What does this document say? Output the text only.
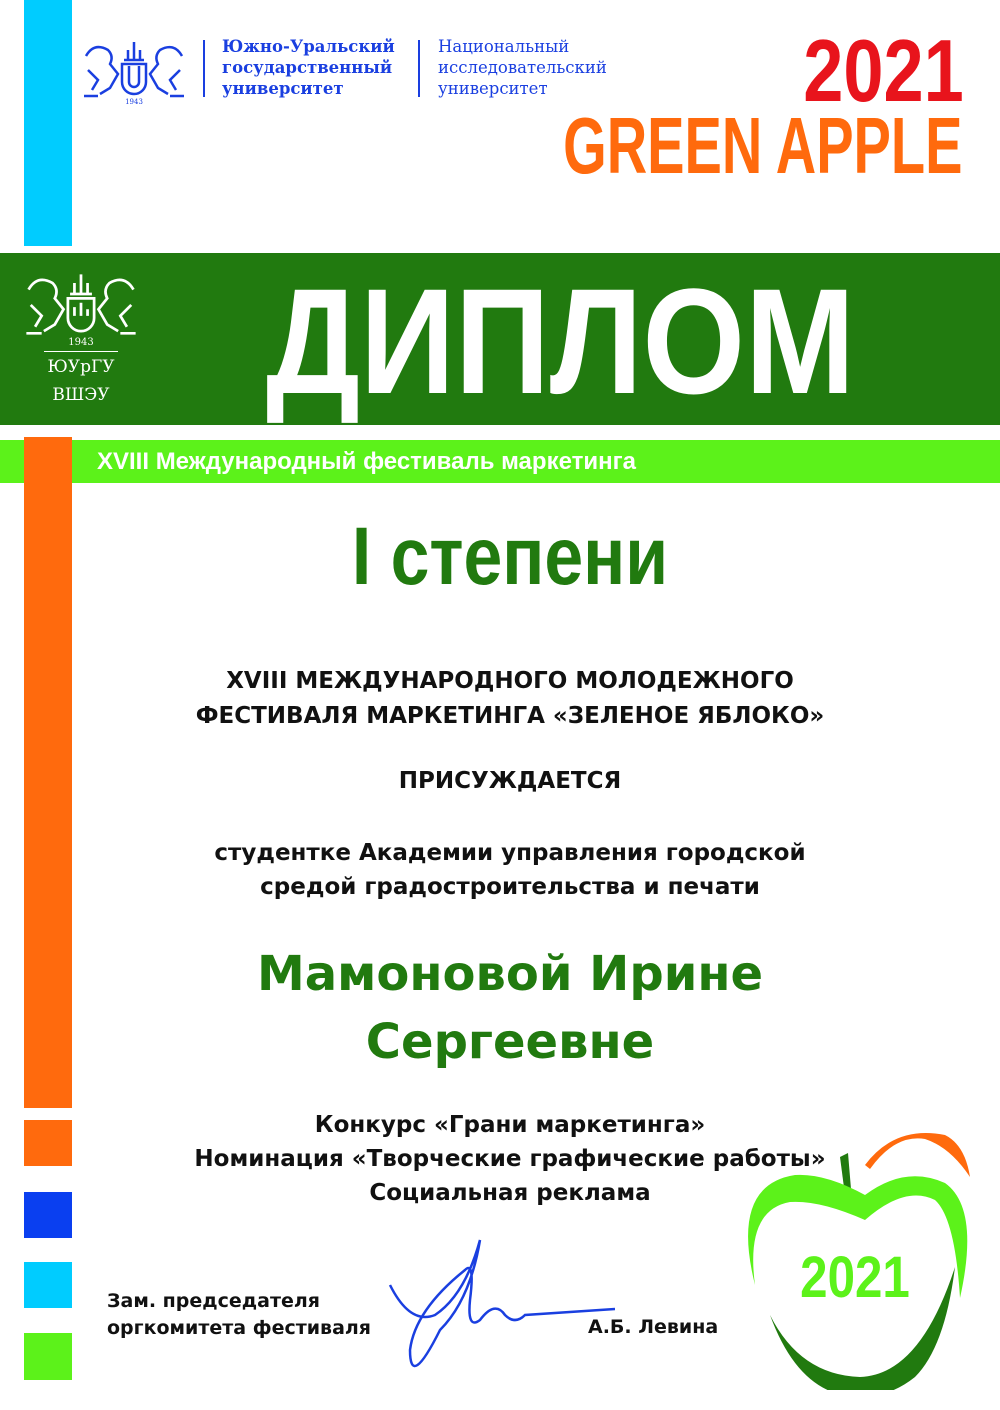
1943
Южно-Уральский
государственный
университет
Национальный
исследовательский
университет	2021
GREEN APPLE
1943
ЮУрГУ
ВШЭУ ДИПЛОМ
XVIII Международный фестиваль маркетинга
I степени
XVIII МЕЖДУНАРОДНОГО МОЛОДЕЖНОГО
ФЕСТИВАЛЯ МАРКЕТИНГА «ЗЕЛЕНОЕ ЯБЛОКО»
ПРИСУЖДАЕТСЯ
студентке Академии управления городской
средой градостроительства и печати
Мамоновой Ирине
Сергеевне
2021
Конкурс «Грани маркетинга»
Номинация «Творческие графические работы»
Социальная реклама
Зам. председателя
оргкомитета фестиваля	А.Б. Левина
